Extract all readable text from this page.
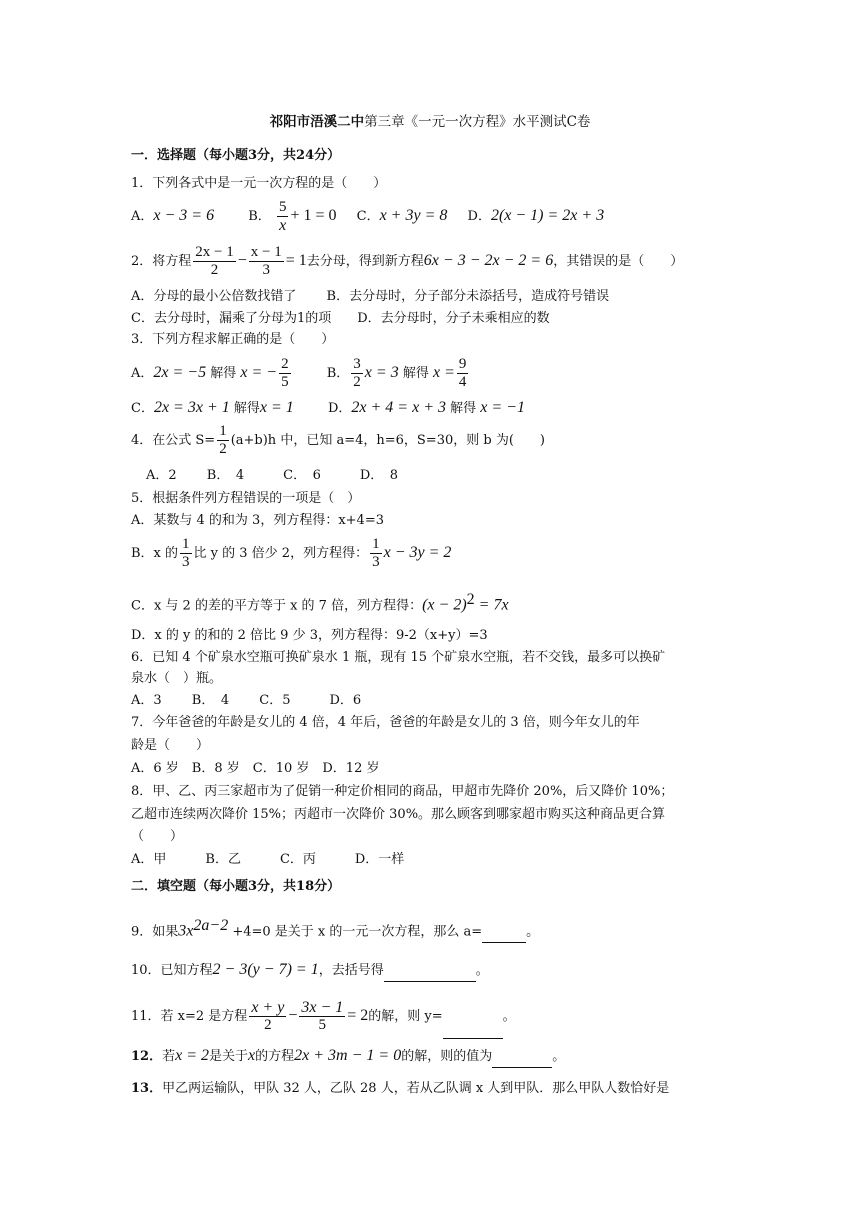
祁阳市浯溪二中第三章《一元一次方程》水平测试C卷
一．选择题（每小题3分，共24分）
1．下列各式中是一元一次方程的是（　　）
A．x − 3 = 6	B． $\frac{5}{x} + 1 = 0$ C．x + 3y = 8 D．2(x − 1) = 2x + 3
2．将方程 $\frac{2x - 1}{2} - \frac{x - 1}{3} = 1$去分母，得到新方程6x − 3 − 2x − 2 = 6，其错误的是（　　）
A．分母的最小公倍数找错了　　 B．去分母时，分子部分未添括号，造成符号错误
C．去分母时，漏乘了分母为1的项　　D．去分母时，分子未乘相应的数
3．下列方程求解正确的是（　　）
A．2x = −5 解得 x = − $\frac{2}{5}$	B． $\frac{3}{2}$ x = 3 解得 $x = \frac{9}{4}$
C．2x = 3x + 1 解得x = 1	D．2x + 4 = x + 3 解得 x = −1
4．在公式 $S= \frac{1}{2} (a+b)h$ 中，已知 a=4，h=6，S=30，则 b 为(　　)
A．2　　 B．　4　　　C．　6　　　D．　8
5．根据条件列方程错误的一项是（　）
A．某数与 4 的和为 3，列方程得：x+4=3
B．x 的 $\frac{1}{3}$ 比 y 的 3 倍少 2，列方程得： $\frac{1}{3}$ x − 3y = 2
C．x 与 2 的差的平方等于 x 的 7 倍，列方程得：$(x - 2)^2 = 7x$
D．x 的 y 的和的 2 倍比 9 少 3，列方程得：9-2（x+y）=3
6．已知 4 个矿泉水空瓶可换矿泉水 1 瓶，现有 15 个矿泉水空瓶，若不交钱，最多可以换矿
泉水（　）瓶。
A．3　　 B．　4　　 C．5　　　D．6
7．今年爸爸的年龄是女儿的 4 倍，4 年后，爸爸的年龄是女儿的 3 倍，则今年女儿的年
龄是（　　）
A．6 岁　B．8 岁　C．10 岁　D．12 岁
8．甲、乙、丙三家超市为了促销一种定价相同的商品，甲超市先降价 20%，后又降价 10%；
乙超市连续两次降价 15%；丙超市一次降价 30%。那么顾客到哪家超市购买这种商品更合算
（　　）
A．甲　　　B．乙　　　C．丙　　　D．一样
二．填空题（每小题3分，共18分）
9．如果$3x^{2a-2} +4=0$ 是关于 x 的一元一次方程，那么 a=	。
10．已知方程2 − 3(y − 7) = 1，去括号得	。
11．若 x=2 是方程 $\frac{x + y}{2} - \frac{3x - 1}{5} = 2$的解，则 y=	。
12．若x = 2是关于x的方程2x + 3m − 1 = 0的解，则的值为	。
13．甲乙两运输队，甲队 32 人，乙队 28 人，若从乙队调 x 人到甲队．那么甲队人数恰好是
